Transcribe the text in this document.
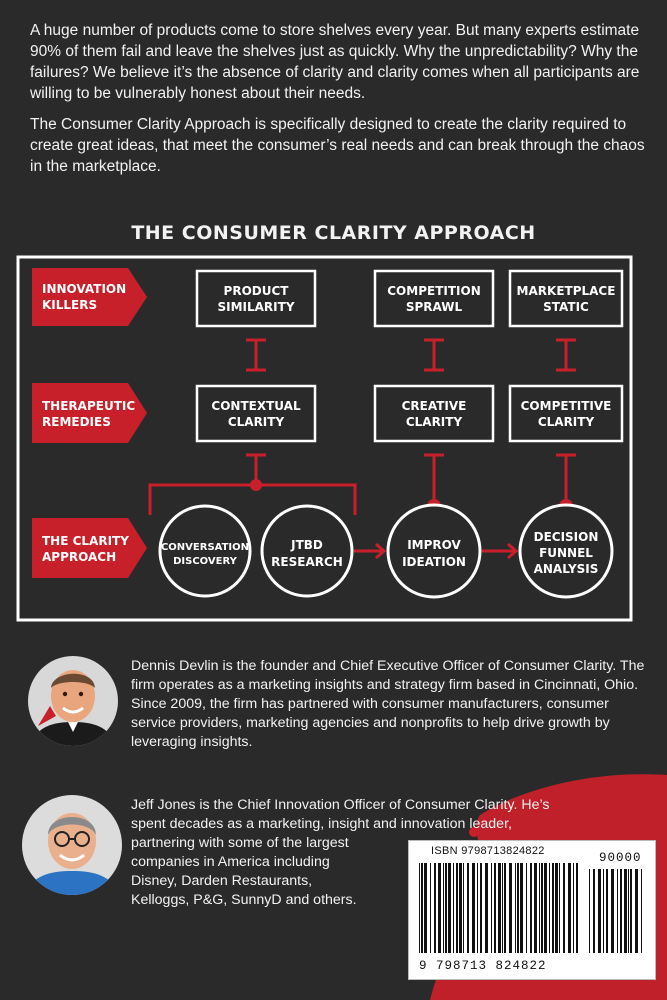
A huge number of products come to store shelves every year. But many experts estimate 90% of them fail and leave the shelves just as quickly. Why the unpredictability? Why the failures? We believe it’s the absence of clarity and clarity comes when all participants are willing to be vulnerably honest about their needs.

The Consumer Clarity Approach is specifically designed to create the clarity required to create great ideas, that meet the consumer’s real needs and can break through the chaos in the marketplace.

THE CONSUMER CLARITY APPROACH
INNOVATION
KILLERS
THERAPEUTIC
REMEDIES
THE CLARITY
APPROACH
PRODUCT
SIMILARITY
COMPETITION
SPRAWL
MARKETPLACE
STATIC
CONTEXTUAL
CLARITY
CREATIVE
CLARITY
COMPETITIVE
CLARITY
CONVERSATION
DISCOVERY
JTBD
RESEARCH
IMPROV
IDEATION
DECISION
FUNNEL
ANALYSIS
Dennis Devlin is the founder and Chief Executive Officer of Consumer Clarity. The firm operates as a marketing insights and strategy firm based in Cincinnati, Ohio. Since 2009, the firm has partnered with consumer manufacturers, consumer service providers, marketing agencies and nonprofits to help drive growth by leveraging insights.
Jeff Jones is the Chief Innovation Officer of Consumer Clarity. He’s
spent decades as a marketing, insight and innovation leader,
partnering with some of the largest
companies in America including
Disney, Darden Restaurants,
Kelloggs, P&G, SunnyD and others.
ISBN 9798713824822	90000
9 798713 824822
